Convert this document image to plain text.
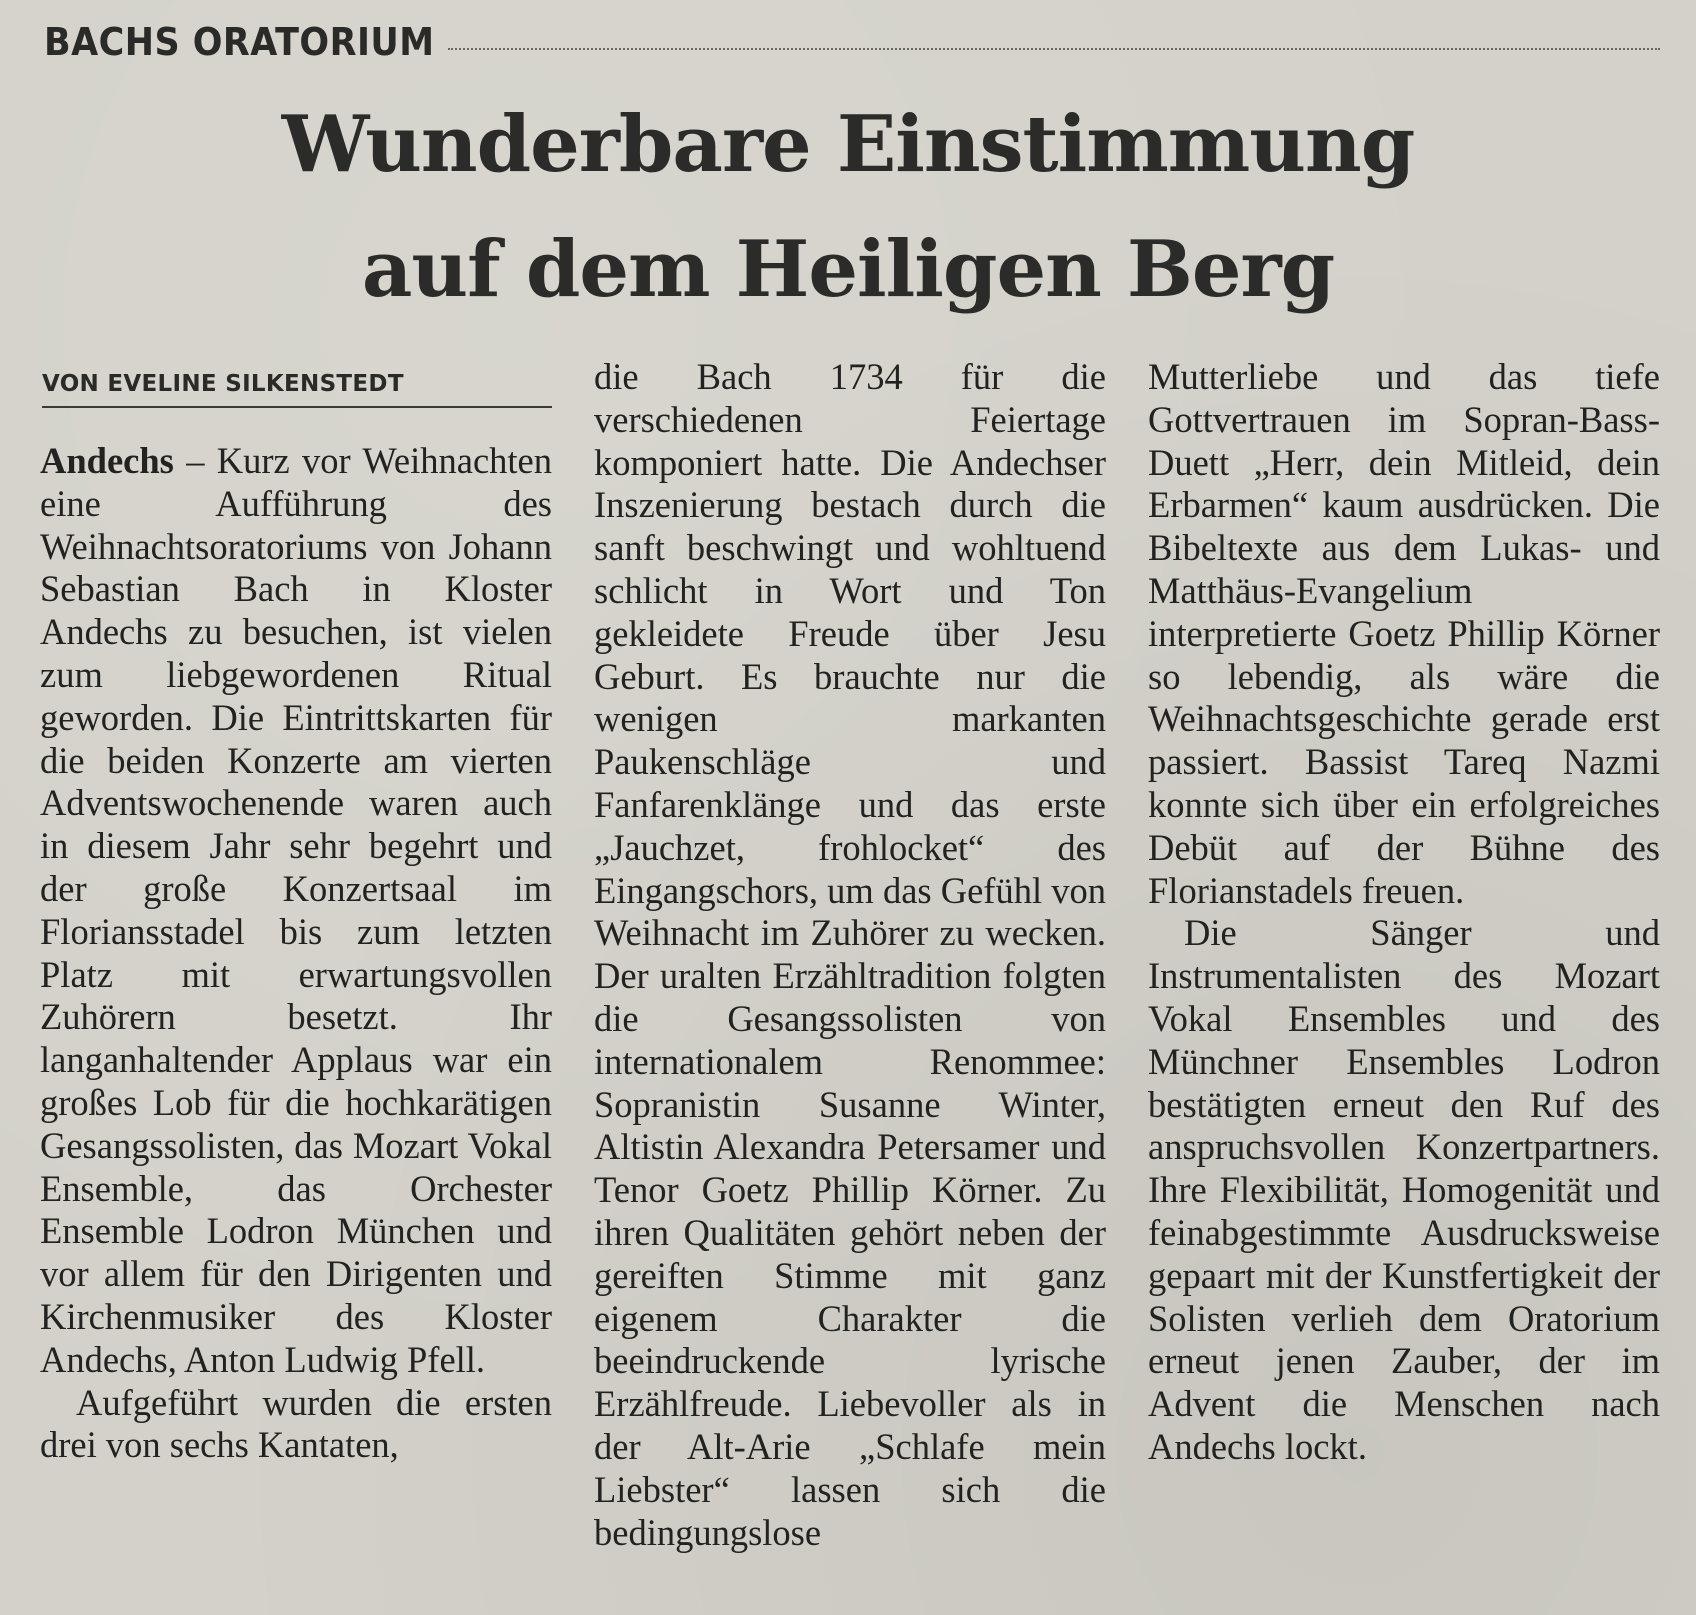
BACHS ORATORIUM
Wunderbare Einstimmung
auf dem Heiligen Berg
VON EVELINE SILKENSTEDT

Andechs – Kurz vor Weihnachten eine Aufführung des Weihnachtsoratoriums von Johann Sebastian Bach in Kloster Andechs zu besuchen, ist vielen zum liebgewordenen Ritual geworden. Die Eintrittskarten für die beiden Konzerte am vierten Adventswochenende waren auch in diesem Jahr sehr begehrt und der große Konzertsaal im Floriansstadel bis zum letzten Platz mit erwartungsvollen Zuhörern besetzt. Ihr langanhaltender Applaus war ein großes Lob für die hochkarätigen Gesangssolisten, das Mozart Vokal Ensemble, das Orchester Ensemble Lodron München und vor allem für den Dirigenten und Kirchenmusiker des Kloster Andechs, Anton Ludwig Pfell.

Aufgeführt wurden die ersten drei von sechs Kantaten,

die Bach 1734 für die verschiedenen Feiertage komponiert hatte. Die Andechser Inszenierung bestach durch die sanft beschwingt und wohltuend schlicht in Wort und Ton gekleidete Freude über Jesu Geburt. Es brauchte nur die wenigen markanten Paukenschläge und Fanfarenklänge und das erste „Jauchzet, frohlocket“ des Eingangschors, um das Gefühl von Weihnacht im Zuhörer zu wecken. Der uralten Erzähltradition folgten die Gesangssolisten von internationalem Renommee: Sopranistin Susanne Winter, Altistin Alexandra Petersamer und Tenor Goetz Phillip Körner. Zu ihren Qualitäten gehört neben der gereiften Stimme mit ganz eigenem Charakter die beeindruckende lyrische Erzählfreude. Liebevoller als in der Alt-Arie „Schlafe mein Liebster“ lassen sich die bedingungslose

Mutterliebe und das tiefe Gottvertrauen im Sopran-Bass-Duett „Herr, dein Mitleid, dein Erbarmen“ kaum ausdrücken. Die Bibeltexte aus dem Lukas- und Matthäus-Evangelium interpretierte Goetz Phillip Körner so lebendig, als wäre die Weihnachtsgeschichte gerade erst passiert. Bassist Tareq Nazmi konnte sich über ein erfolgreiches Debüt auf der Bühne des Florianstadels freuen.

Die Sänger und Instrumentalisten des Mozart Vokal Ensembles und des Münchner Ensembles Lodron bestätigten erneut den Ruf des anspruchsvollen Konzertpartners. Ihre Flexibilität, Homogenität und feinabgestimmte Ausdrucksweise gepaart mit der Kunstfertigkeit der Solisten verlieh dem Oratorium erneut jenen Zauber, der im Advent die Menschen nach Andechs lockt.
